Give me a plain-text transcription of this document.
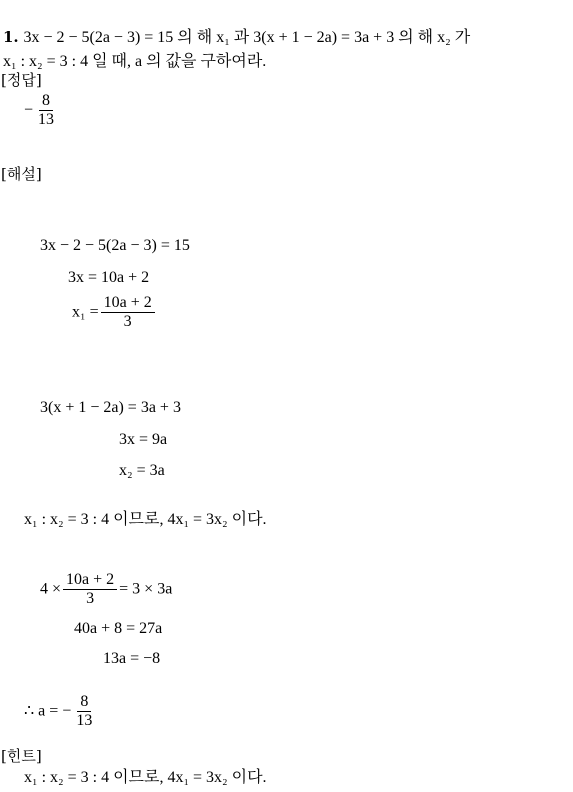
1. 3x − 2 − 5(2a − 3) = 15 의 해 x₁ 과 3(x + 1 − 2a) = 3a + 3 의 해 x₂ 가
x₁ : x₂ = 3 : 4 일 때, a 의 값을 구하여라.
[정답]
− $\frac{8}{13}$
[해설]
3x − 2 − 5(2a − 3) = 15
3x = 10a + 2
$x_1 = \frac{10a + 2}{3}$
3(x + 1 − 2a) = 3a + 3
3x = 9a
x₂ = 3a
x₁ : x₂ = 3 : 4 이므로, 4x₁ = 3x₂ 이다.
$4 \times \frac{10a + 2}{3} = 3 \times 3a$
40a + 8 = 27a
13a = −8
∴ a = − $\frac{8}{13}$
[힌트]
x₁ : x₂ = 3 : 4 이므로, 4x₁ = 3x₂ 이다.
